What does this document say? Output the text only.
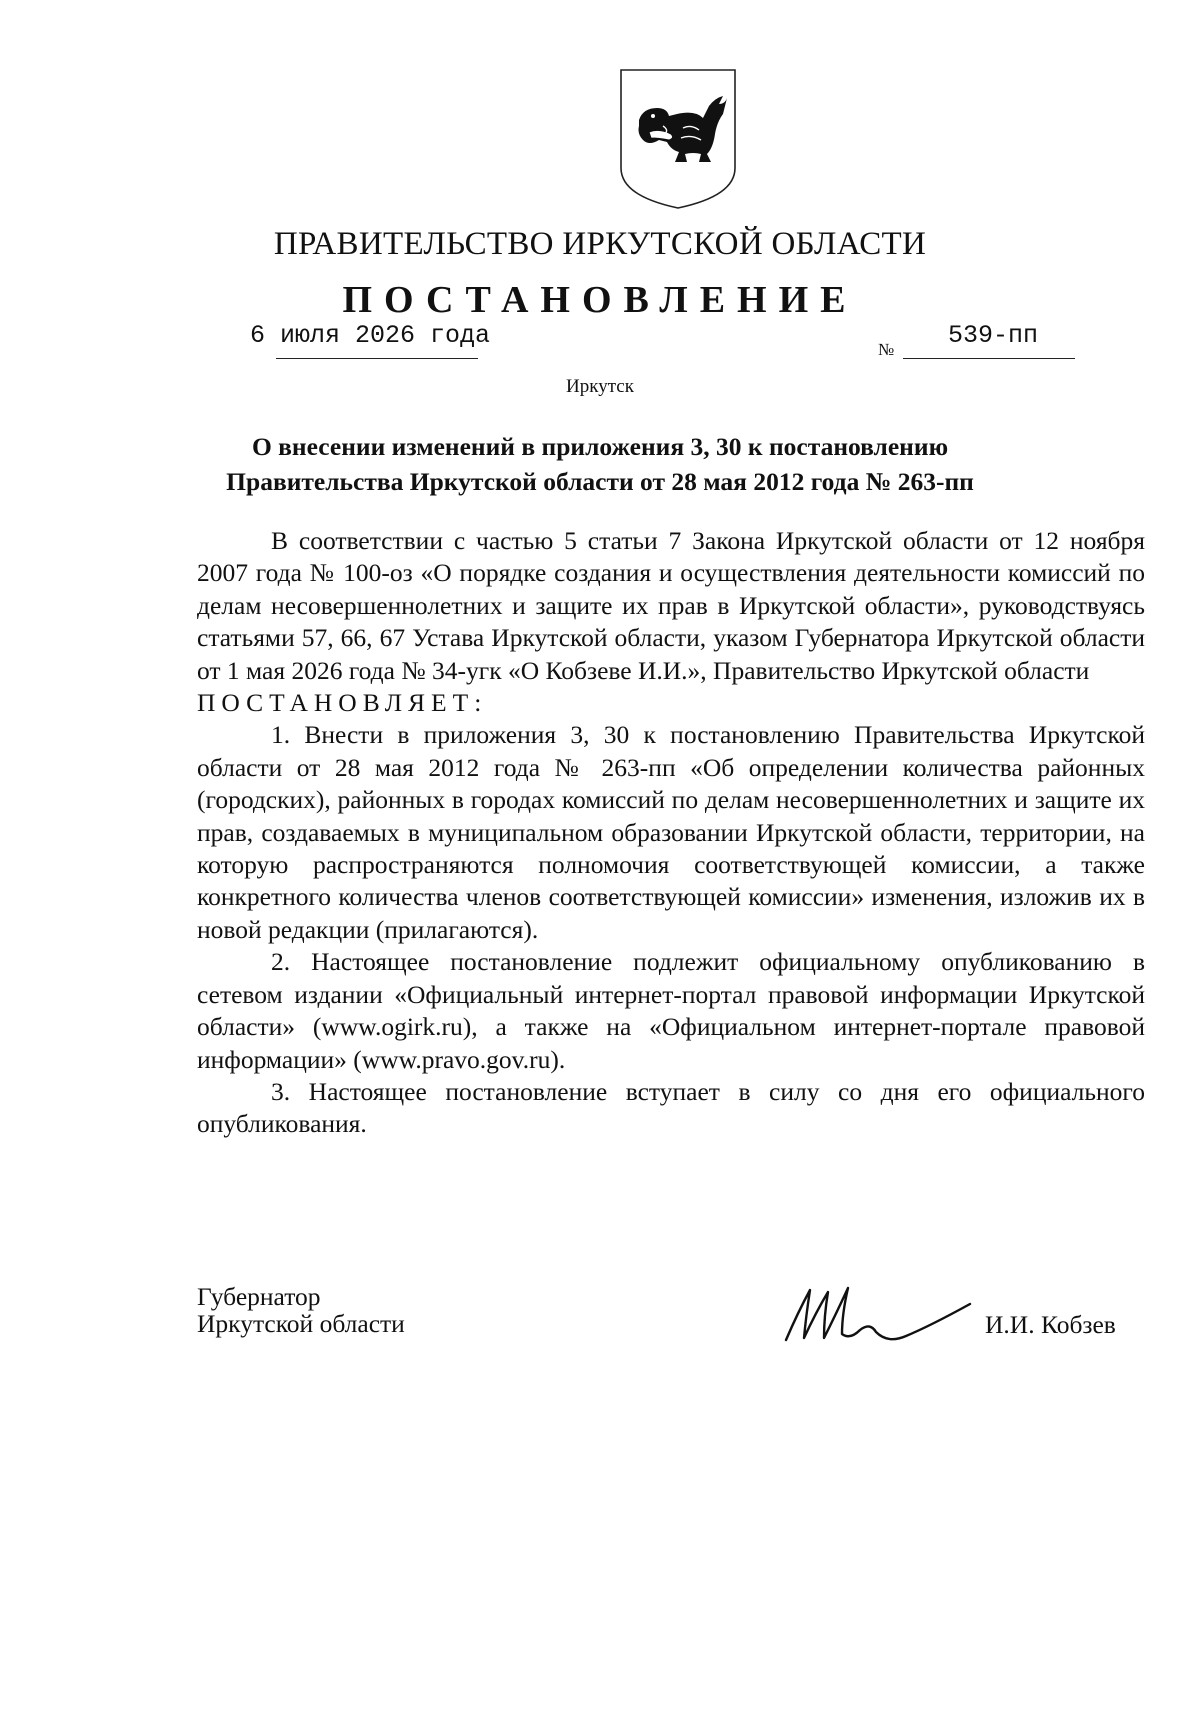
ПРАВИТЕЛЬСТВО ИРКУТСКОЙ ОБЛАСТИ
ПОСТАНОВЛЕНИЕ
6 июля 2026 года	№ 539-пп
Иркутск
О внесении изменений в приложения 3, 30 к постановлению
Правительства Иркутской области от 28 мая 2012 года № 263-пп

В соответствии с частью 5 статьи 7 Закона Иркутской области от 12 ноября 2007 года № 100-оз «О порядке создания и осуществления деятельности комиссий по делам несовершеннолетних и защите их прав в Иркутской области», руководствуясь статьями 57, 66, 67 Устава Иркутской области, указом Губернатора Иркутской области от 1 мая 2026 года № 34-угк «О Кобзеве И.И.», Правительство Иркутской области

ПОСТАНОВЛЯЕТ:

1. Внести в приложения 3, 30 к постановлению Правительства Иркутской области от 28 мая 2012 года № 263-пп «Об определении количества районных (городских), районных в городах комиссий по делам несовершеннолетних и защите их прав, создаваемых в муниципальном образовании Иркутской области, территории, на которую распространяются полномочия соответствующей комиссии, а также конкретного количества членов соответствующей комиссии» изменения, изложив их в новой редакции (прилагаются).

2. Настоящее постановление подлежит официальному опубликованию в сетевом издании «Официальный интернет-портал правовой информации Иркутской области» (www.ogirk.ru), а также на «Официальном интернет-портале правовой информации» (www.pravo.gov.ru).

3. Настоящее постановление вступает в силу со дня его официального опубликования.

Губернатор
Иркутской области	И.И. Кобзев
